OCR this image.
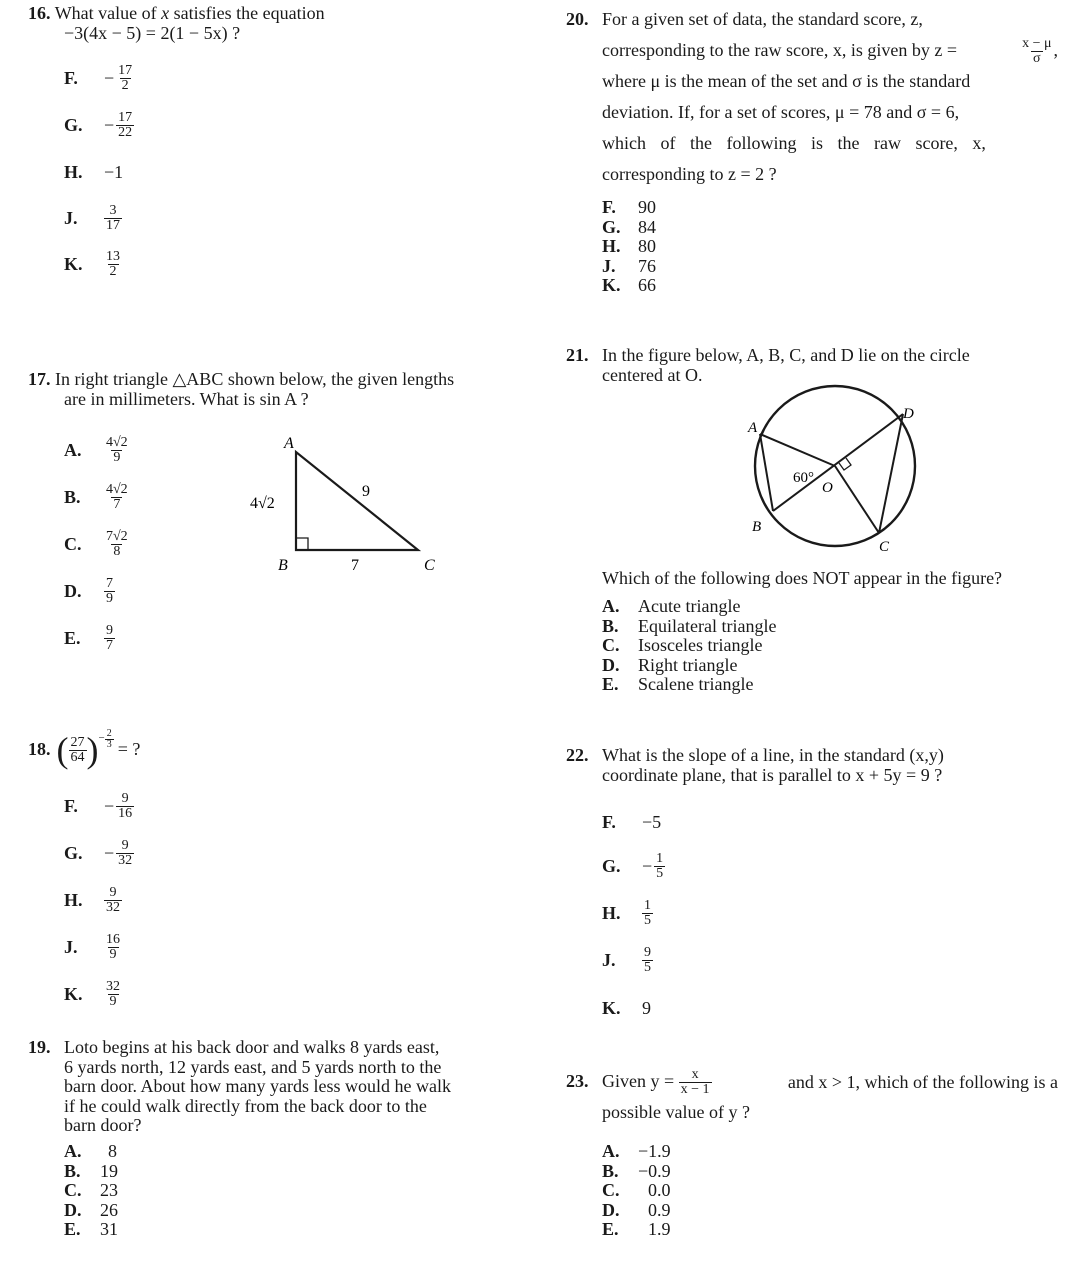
16. What value of x satisfies the equation
−3(4x − 5) = 2(1 − 5x) ?
F.	− $\frac{17}{2}$
G.	− $\frac{17}{22}$
H.	−1
J.	$\frac{3}{17}$
K.	$\frac{13}{2}$
17. In right triangle △ABC shown below, the given lengths
are in millimeters. What is sin A ?
A.	$\frac{4√2}{9}$
B.	$\frac{4√2}{7}$
C.	$\frac{7√2}{8}$
D.	$\frac{7}{9}$
E.	$\frac{9}{7}$
A
B	C
4√2
9
7
18. ( $\frac{27}{64}$ ) − $\frac{2}{3}$ = ?
F.	− $\frac{9}{16}$
G.	− $\frac{9}{32}$
H.	$\frac{9}{32}$
J.	$\frac{16}{9}$
K.	$\frac{32}{9}$
19. Loto begins at his back door and walks 8 yards east,
6 yards north, 12 yards east, and 5 yards north to the
barn door. About how many yards less would he walk
if he could walk directly from the back door to the
barn door?
A.	8
B.	19
C.	23
D.	26
E.	31
20. For a given set of data, the standard score, z,
corresponding to the raw score, x, is given by z =	$\frac{x - \mu}{\sigma}$ ,
where μ is the mean of the set and σ is the standard
deviation. If, for a set of scores, μ = 78 and σ = 6,
which of the following is the raw score, x,
corresponding to z = 2 ?
F.	90
G. 84
H. 80
J.	76
K. 66
21. In the figure below, A, B, C, and D lie on the circle
centered at O.
A
D
B
C
O
60°
Which of the following does NOT appear in the figure?
A.	Acute triangle
B.	Equilateral triangle
C.	Isosceles triangle
D.	Right triangle
E.	Scalene triangle
22. What is the slope of a line, in the standard (x,y)
coordinate plane, that is parallel to x + 5y = 9 ?
F.	−5
G.	− $\frac{1}{5}$
H.	$\frac{1}{5}$
J.	$\frac{9}{5}$
K.	9
23. Given $y = \frac{x}{x - 1}$	and x > 1, which of the following is a
possible value of y ?
A.	−1.9
B.	−0.9
C.	0.0
D.	0.9
E.	1.9
